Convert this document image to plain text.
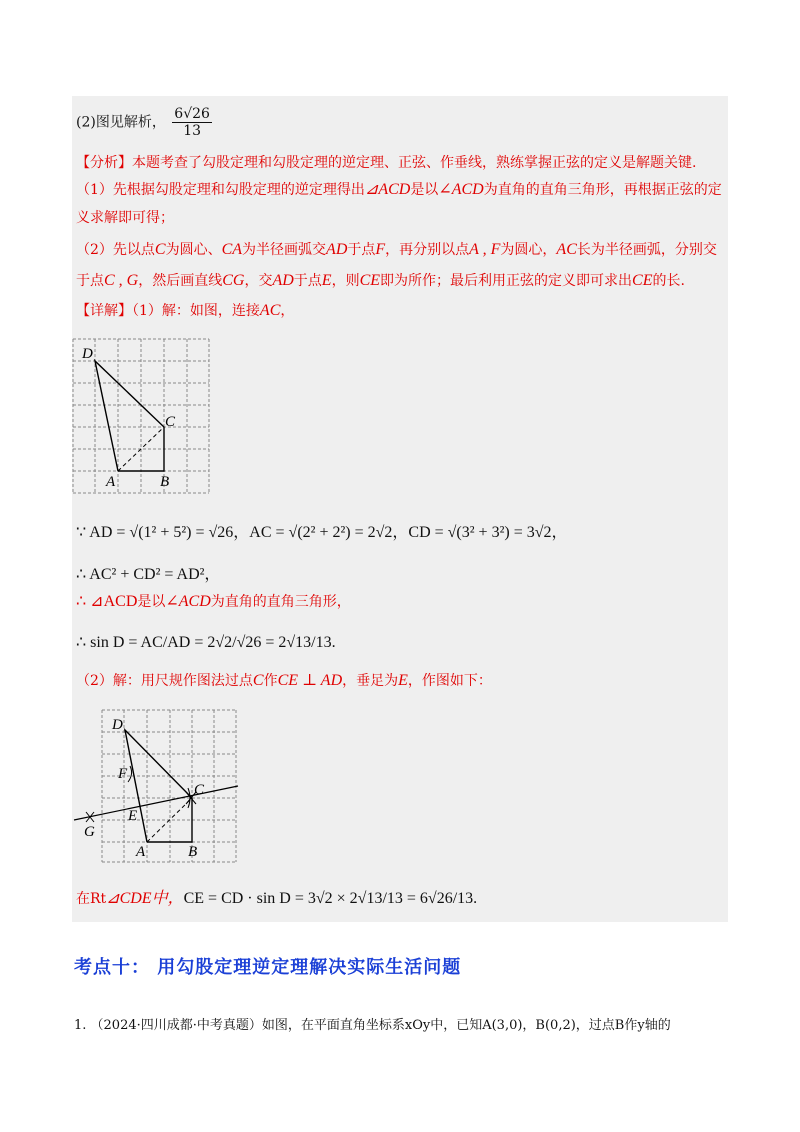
(2)图见解析， $\frac{6√26}{13}$
【分析】本题考查了勾股定理和勾股定理的逆定理、正弦、作垂线，熟练掌握正弦的定义是解题关键.
（1）先根据勾股定理和勾股定理的逆定理得出⊿ACD是以∠ACD为直角的直角三角形，再根据正弦的定
义求解即可得；
（2）先以点C为圆心、CA为半径画弧交AD于点F，再分别以点A , F为圆心，AC长为半径画弧，分别交
于点C , G，然后画直线CG，交AD于点E，则CE即为所作；最后利用正弦的定义即可求出CE的长.
【详解】（1）解：如图，连接AC，
D
C
A	B
∵ AD = √(1² + 5²) = √26，AC = √(2² + 2²) = 2√2，CD = √(3² + 3²) = 3√2，
∴ AC² + CD² = AD²，
∴ ⊿ACD是以∠ACD为直角的直角三角形，
∴ sin D = AC/AD = 2√2/√26 = 2√13/13.
（2）解：用尺规作图法过点C作CE ⊥ AD，垂足为E，作图如下：
D
F
C
E
G
A	B
在Rt⊿CDE中，CE = CD · sin D = 3√2 × 2√13/13 = 6√26/13.
考点十： 用勾股定理逆定理解决实际生活问题
1. （2024·四川成都·中考真题）如图，在平面直角坐标系xOy中，已知A(3,0)，B(0,2)，过点B作y轴的
